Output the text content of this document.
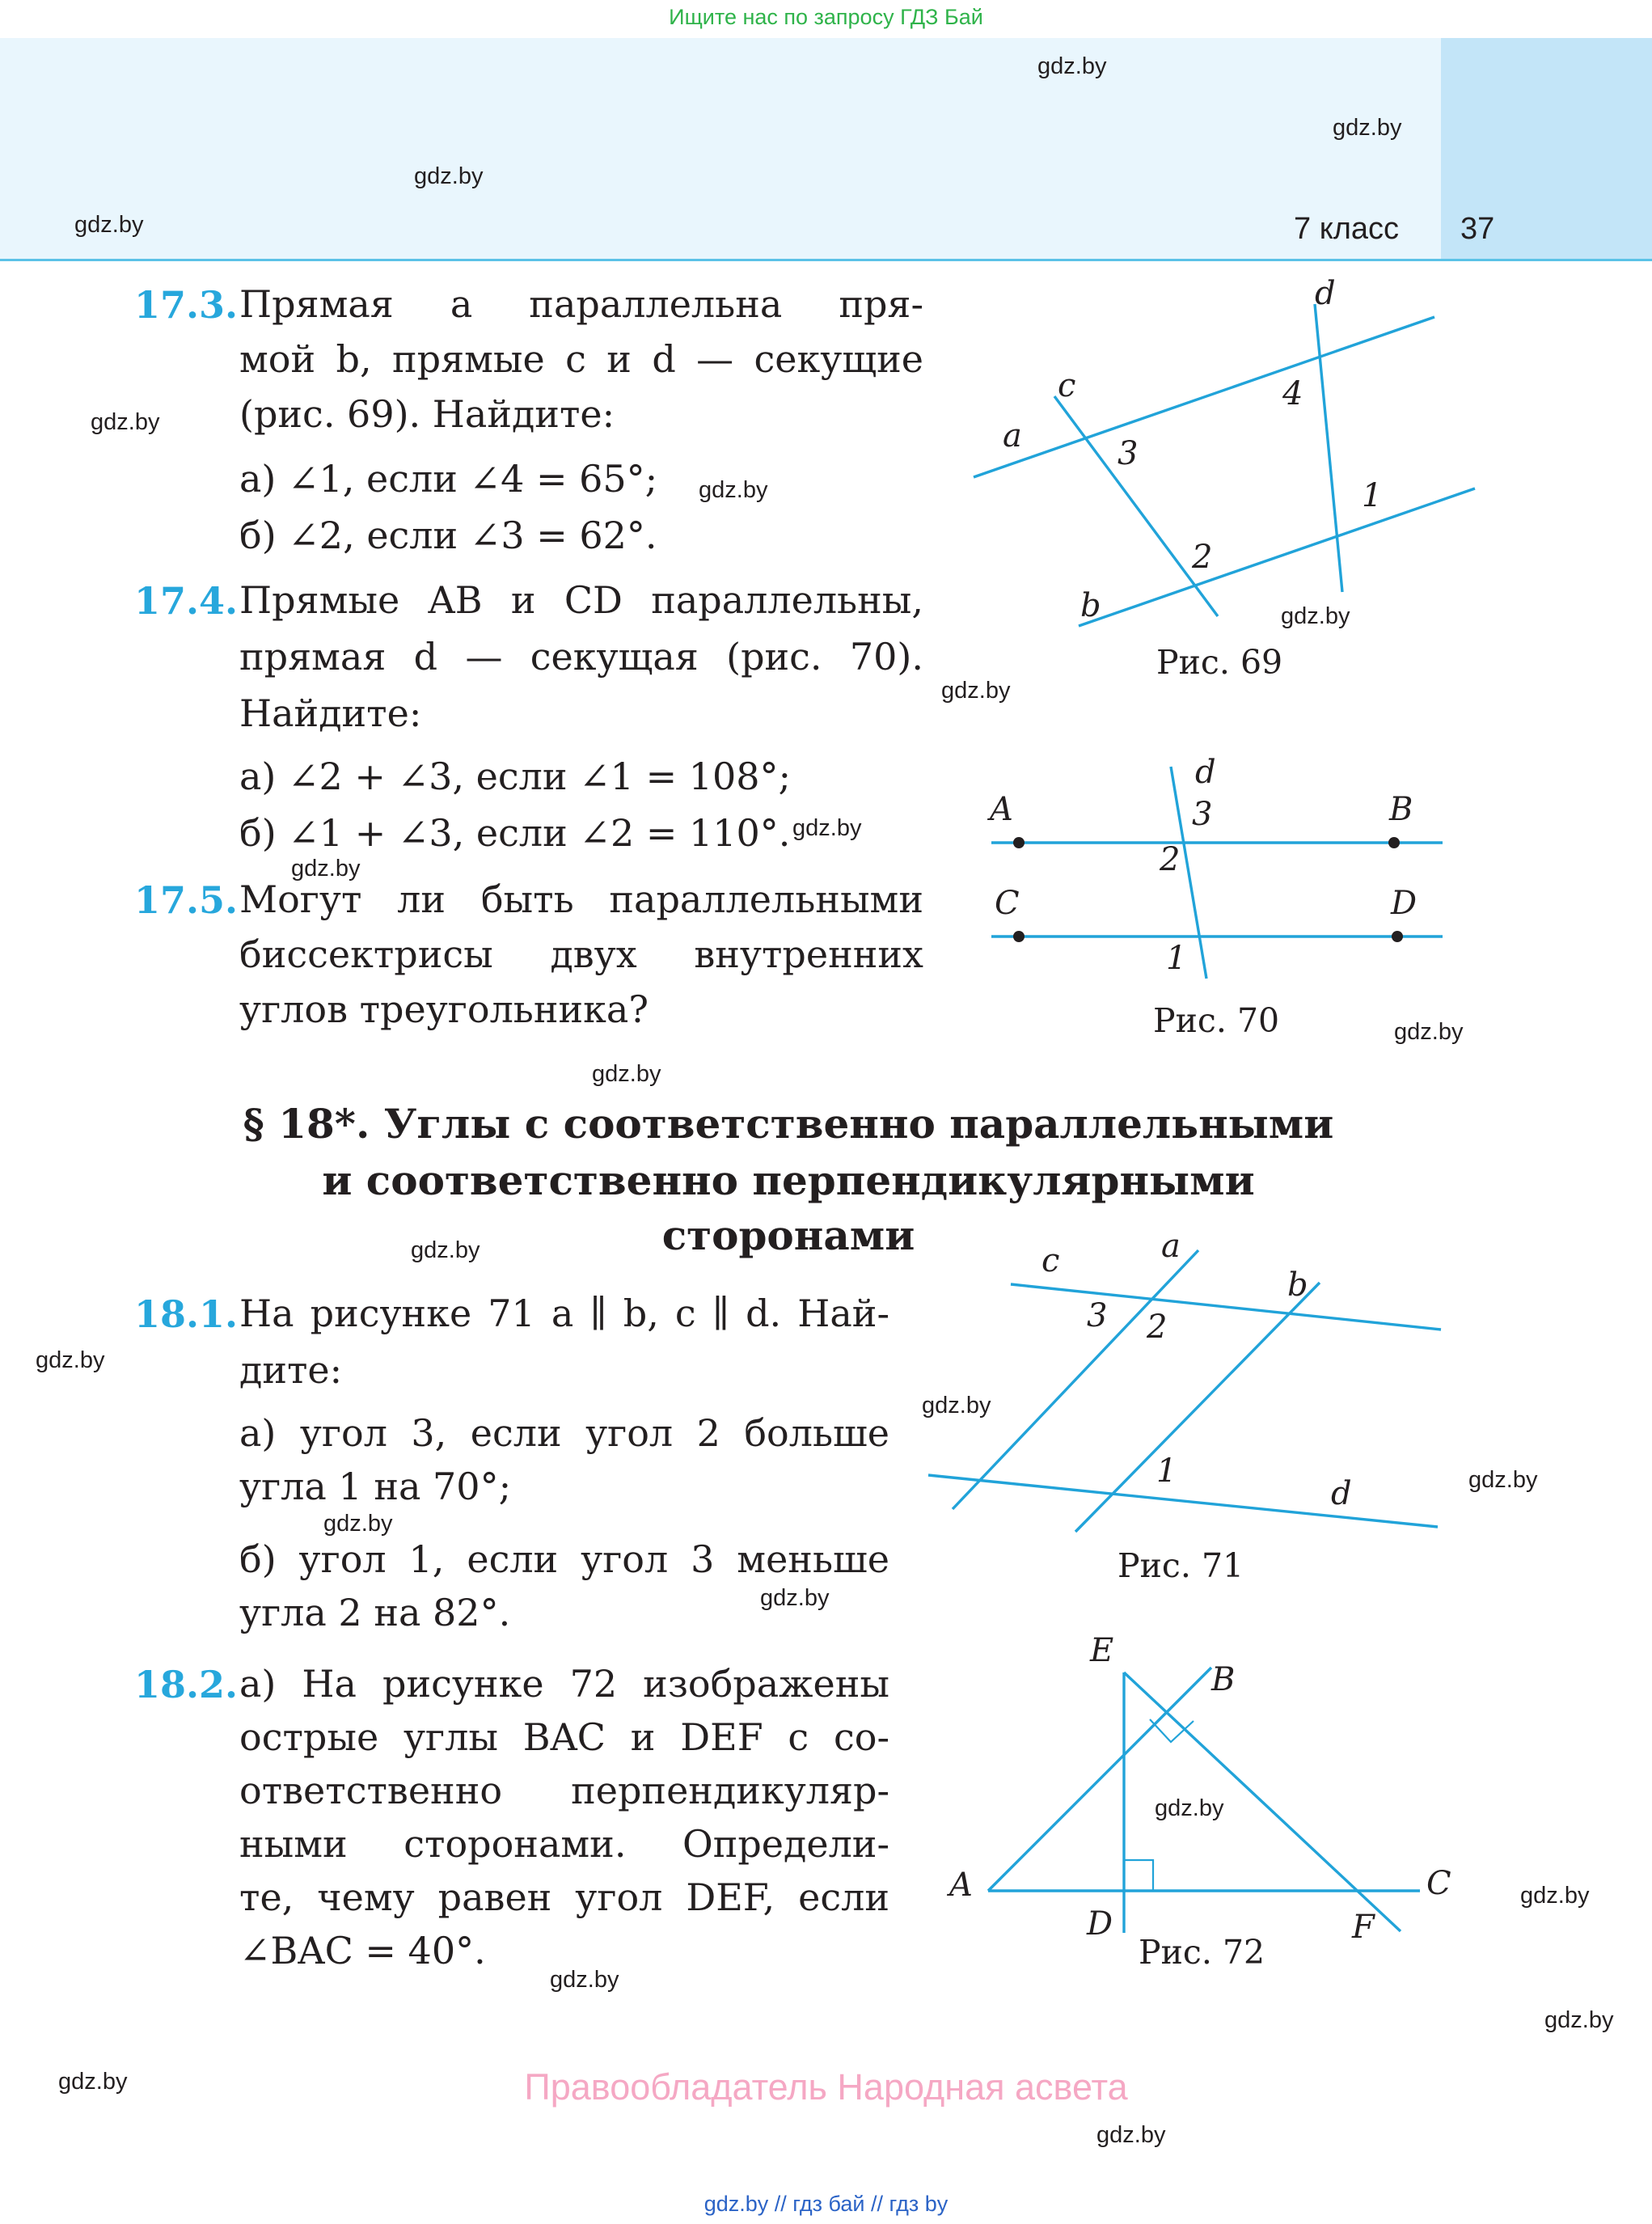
Ищите нас по запросу ГДЗ Бай
7 класс 37
gdz.by
gdz.by
gdz.by
gdz.by
gdz.by
gdz.by
gdz.by
gdz.by
gdz.by
gdz.by
gdz.by
gdz.by
gdz.by
gdz.by
gdz.by
gdz.by
gdz.by
gdz.by
gdz.by
gdz.by
gdz.by
gdz.by
gdz.by
gdz.by
17.3. Прямая a параллельна пря-
мой b, прямые c и d — секущие
(рис. 69). Найдите:
а) ∠1, если ∠4 = 65°;
б) ∠2, если ∠3 = 62°.
17.4. Прямые AB и CD параллельны,
прямая d — секущая (рис. 70).
Найдите:
а) ∠2 + ∠3, если ∠1 = 108°;
б) ∠1 + ∠3, если ∠2 = 110°.
17.5. Могут ли быть параллельными
биссектрисы двух внутренних
углов треугольника?
§ 18*. Углы с соответственно параллельными
и соответственно перпендикулярными
сторонами
18.1. На рисунке 71 a ∥ b, c ∥ d. Най-
дите:
а) угол 3, если угол 2 больше
угла 1 на 70°;
б) угол 1, если угол 3 меньше
угла 2 на 82°.
18.2. а) На рисунке 72 изображены
острые углы BAC и DEF с со-
ответственно перпендикуляр-
ными сторонами. Определи-
те, чему равен угол DEF, если
∠BAC = 40°.
a
b
c
d
1
2
3
4
Рис. 69
A	B
C	D
d
1
2
3
Рис. 70
a
b
c
d
1
2
3
Рис. 71
A
B
C
D
E
F
Рис. 72
Правообладатель Народная асвета
gdz.by // гдз бай // гдз by
